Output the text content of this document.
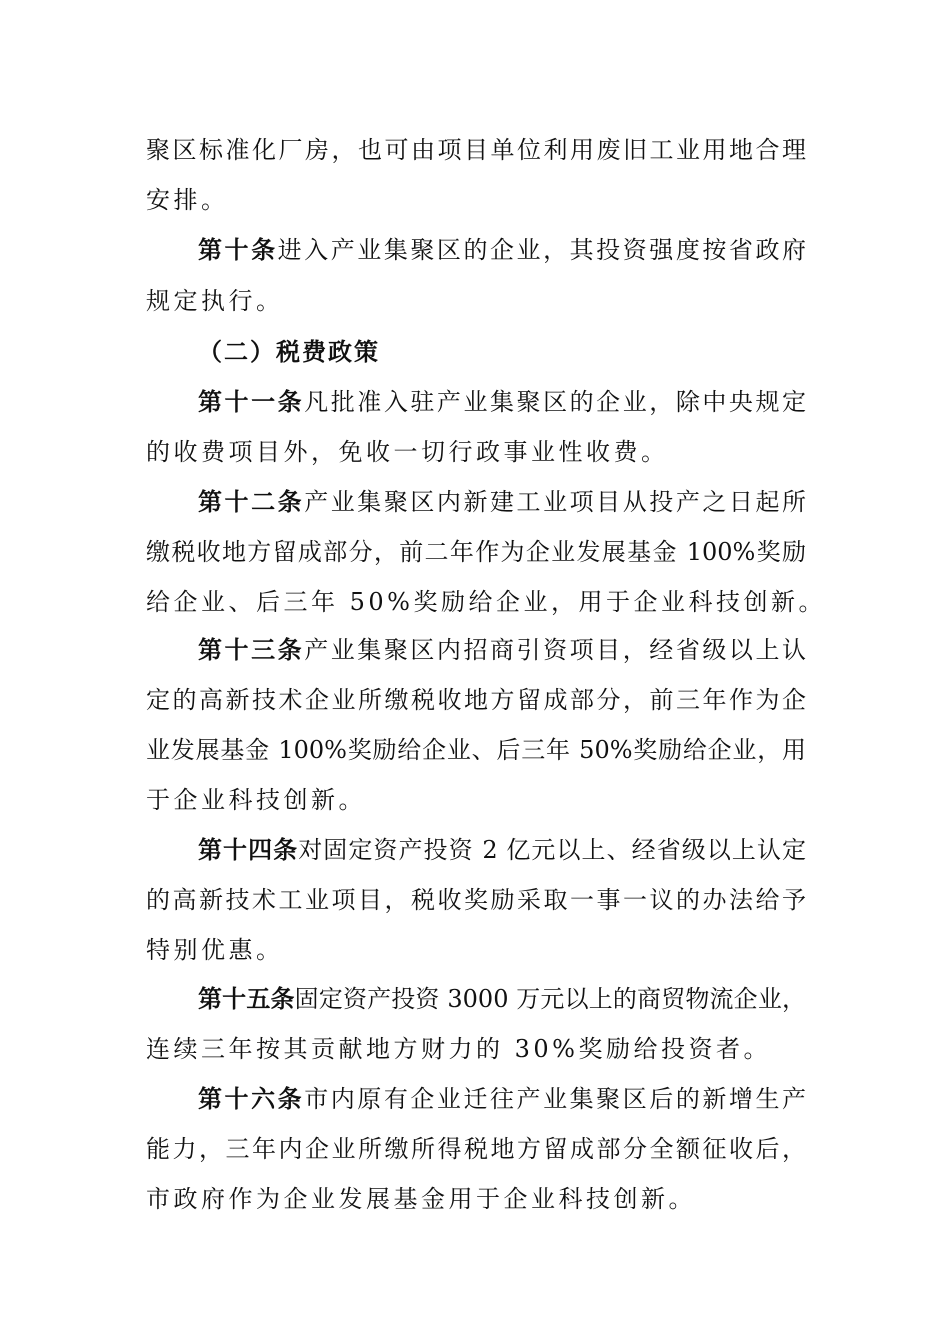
聚区标准化厂房，也可由项目单位利用废旧工业用地合理
安排。
第十条进入产业集聚区的企业，其投资强度按省政府
规定执行。
（二）税费政策
第十一条凡批准入驻产业集聚区的企业，除中央规定
的收费项目外，免收一切行政事业性收费。
第十二条产业集聚区内新建工业项目从投产之日起所
缴税收地方留成部分，前二年作为企业发展基金 100%奖励
给企业、后三年 50%奖励给企业，用于企业科技创新。
第十三条产业集聚区内招商引资项目，经省级以上认
定的高新技术企业所缴税收地方留成部分，前三年作为企
业发展基金 100%奖励给企业、后三年 50%奖励给企业，用
于企业科技创新。
第十四条对固定资产投资 2 亿元以上、经省级以上认定
的高新技术工业项目，税收奖励采取一事一议的办法给予
特别优惠。
第十五条固定资产投资 3000 万元以上的商贸物流企业，
连续三年按其贡献地方财力的 30%奖励给投资者。
第十六条市内原有企业迁往产业集聚区后的新增生产
能力，三年内企业所缴所得税地方留成部分全额征收后，
市政府作为企业发展基金用于企业科技创新。
